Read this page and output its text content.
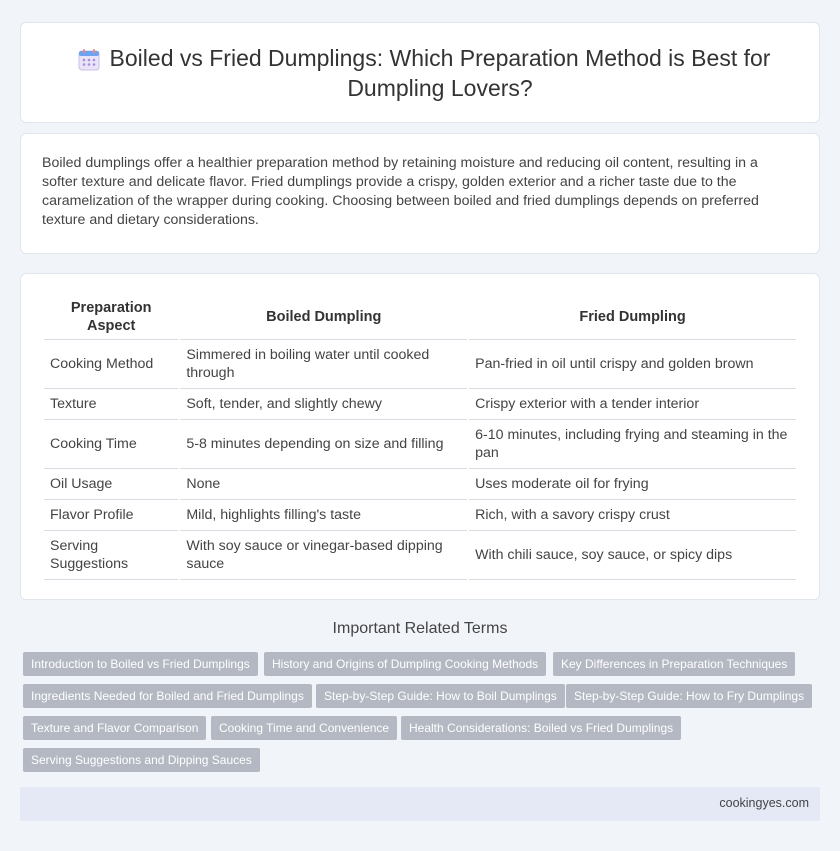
Boiled vs Fried Dumplings: Which Preparation Method is Best for Dumpling Lovers?

Boiled dumplings offer a healthier preparation method by retaining moisture and reducing oil content, resulting in a softer texture and delicate flavor. Fried dumplings provide a crispy, golden exterior and a richer taste due to the caramelization of the wrapper during cooking. Choosing between boiled and fried dumplings depends on preferred texture and dietary considerations.

Preparation Aspect	Boiled Dumpling	Fried Dumpling
Cooking Method	Simmered in boiling water until cooked through	Pan-fried in oil until crispy and golden brown
Texture	Soft, tender, and slightly chewy	Crispy exterior with a tender interior
Cooking Time	5-8 minutes depending on size and filling	6-10 minutes, including frying and steaming in the pan
Oil Usage	None	Uses moderate oil for frying
Flavor Profile	Mild, highlights filling's taste	Rich, with a savory crispy crust
Serving Suggestions	With soy sauce or vinegar-based dipping sauce	With chili sauce, soy sauce, or spicy dips
Important Related Terms
Introduction to Boiled vs Fried Dumplings	History and Origins of Dumpling Cooking Methods	Key Differences in Preparation Techniques
Ingredients Needed for Boiled and Fried Dumplings	Step-by-Step Guide: How to Boil Dumplings	Step-by-Step Guide: How to Fry Dumplings
Texture and Flavor Comparison	Cooking Time and Convenience	Health Considerations: Boiled vs Fried Dumplings
Serving Suggestions and Dipping Sauces
cookingyes.com
